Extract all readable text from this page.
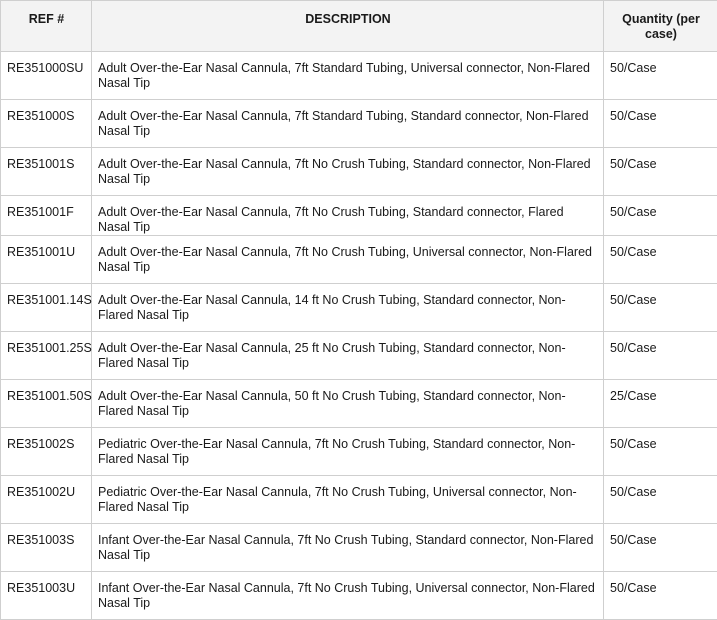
REF #	DESCRIPTION	Quantity (per case)
RE351000SU	Adult Over-the-Ear Nasal Cannula, 7ft Standard Tubing, Universal connector, Non-Flared Nasal Tip	50/Case
RE351000S	Adult Over-the-Ear Nasal Cannula, 7ft Standard Tubing, Standard connector, Non-Flared Nasal Tip	50/Case
RE351001S	Adult Over-the-Ear Nasal Cannula, 7ft No Crush Tubing, Standard connector, Non-Flared Nasal Tip	50/Case
RE351001F	Adult Over-the-Ear Nasal Cannula, 7ft No Crush Tubing, Standard connector, Flared Nasal Tip	50/Case
RE351001U	Adult Over-the-Ear Nasal Cannula, 7ft No Crush Tubing, Universal connector, Non-Flared Nasal Tip	50/Case
RE351001.14S	Adult Over-the-Ear Nasal Cannula, 14 ft No Crush Tubing, Standard connector, Non-Flared Nasal Tip	50/Case
RE351001.25S	Adult Over-the-Ear Nasal Cannula, 25 ft No Crush Tubing, Standard connector, Non-Flared Nasal Tip	50/Case
RE351001.50S	Adult Over-the-Ear Nasal Cannula, 50 ft No Crush Tubing, Standard connector, Non-Flared Nasal Tip	25/Case
RE351002S	Pediatric Over-the-Ear Nasal Cannula, 7ft No Crush Tubing, Standard connector, Non-Flared Nasal Tip	50/Case
RE351002U	Pediatric Over-the-Ear Nasal Cannula, 7ft No Crush Tubing, Universal connector, Non-Flared Nasal Tip	50/Case
RE351003S	Infant Over-the-Ear Nasal Cannula, 7ft No Crush Tubing, Standard connector, Non-Flared Nasal Tip	50/Case
RE351003U	Infant Over-the-Ear Nasal Cannula, 7ft No Crush Tubing, Universal connector, Non-Flared Nasal Tip	50/Case
